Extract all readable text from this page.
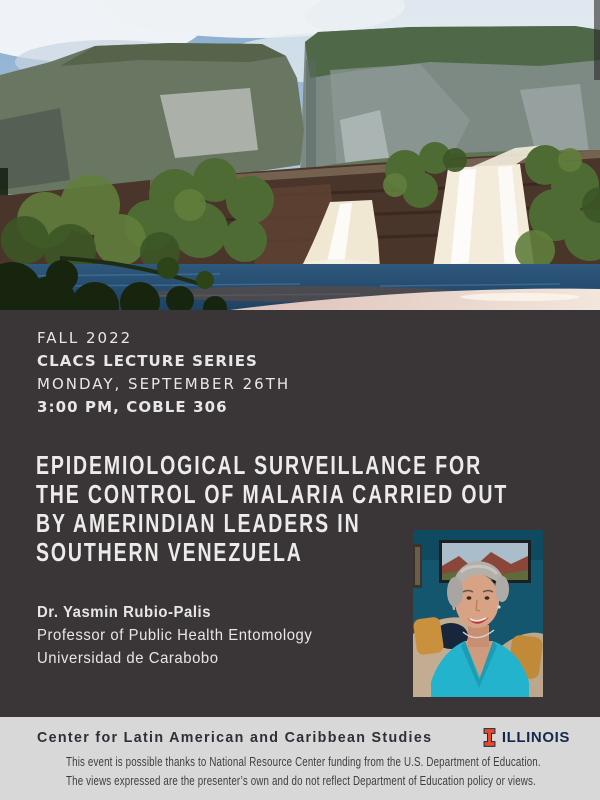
FALL 2022
CLACS LECTURE SERIES
MONDAY, SEPTEMBER 26TH
3:00 PM, COBLE 306
EPIDEMIOLOGICAL SURVEILLANCE FOR
THE CONTROL OF MALARIA CARRIED OUT
BY AMERINDIAN LEADERS IN
SOUTHERN VENEZUELA
Dr. Yasmin Rubio-Palis
Professor of Public Health Entomology
Universidad de Carabobo
Center for Latin American and Caribbean Studies	ILLINOIS
This event is possible thanks to National Resource Center funding from the U.S. Department of Education.
The views expressed are the presenter’s own and do not reflect Department of Education policy or views.
